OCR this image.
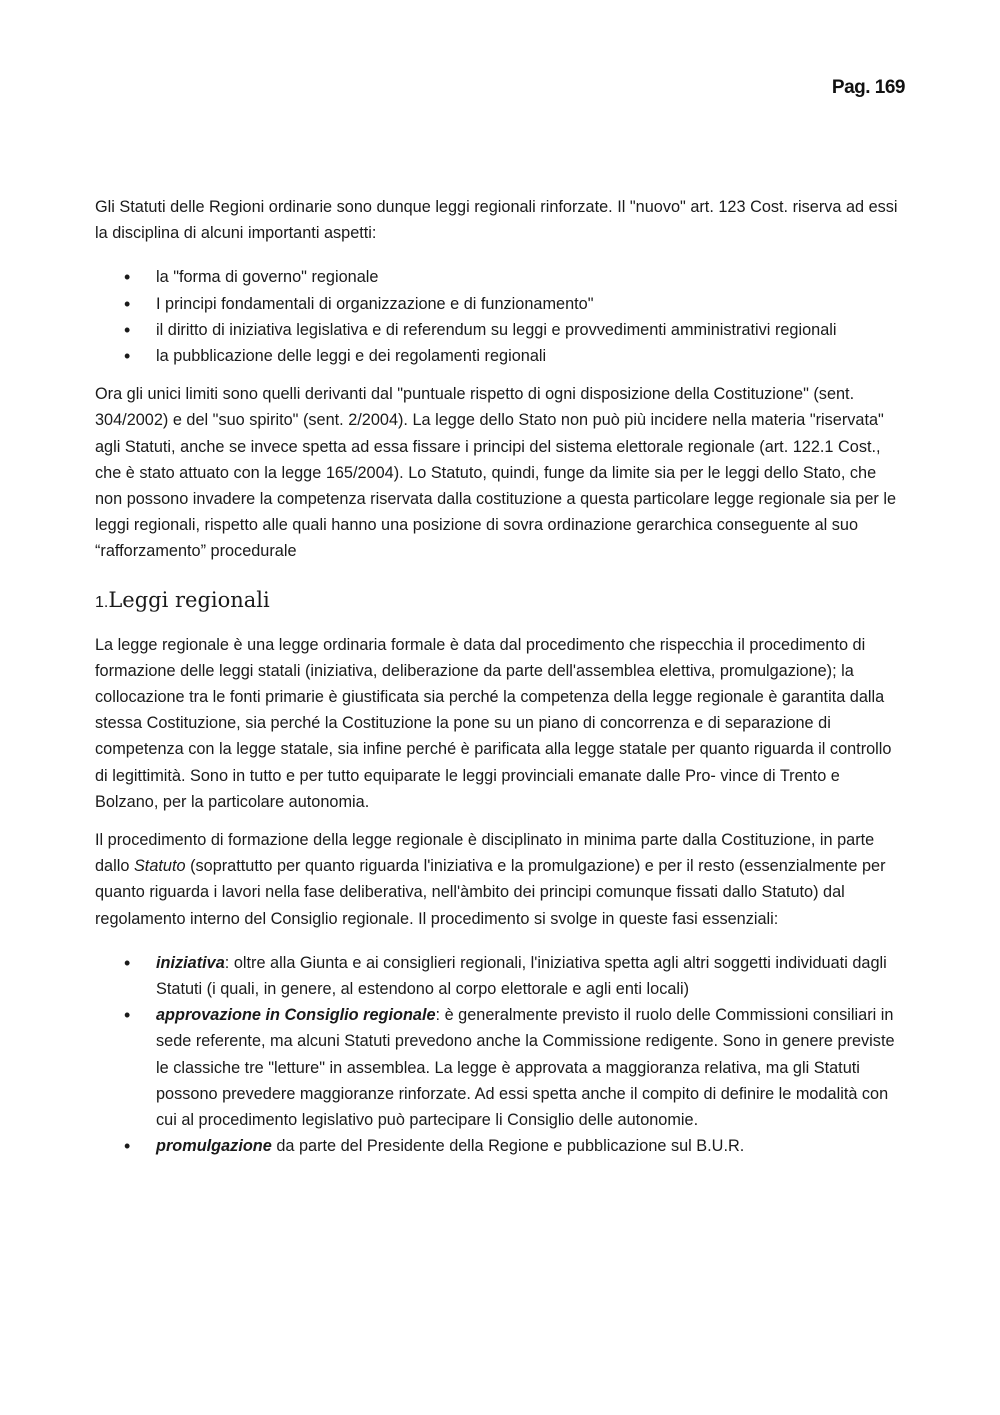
Pag. 169

Gli Statuti delle Regioni ordinarie sono dunque leggi regionali rinforzate. Il "nuovo" art. 123 Cost. riserva ad essi la disciplina di alcuni importanti aspetti:

• la "forma di governo" regionale
• I principi fondamentali di organizzazione e di funzionamento"
• il diritto di iniziativa legislativa e di referendum su leggi e provvedimenti amministrativi regionali
• la pubblicazione delle leggi e dei regolamenti regionali

Ora gli unici limiti sono quelli derivanti dal "puntuale rispetto di ogni disposizione della Costituzione" (sent. 304/2002) e del "suo spirito" (sent. 2/2004). La legge dello Stato non può più incidere nella materia "riservata" agli Statuti, anche se invece spetta ad essa fissare i principi del sistema elettorale regionale (art. 122.1 Cost., che è stato attuato con la legge 165/2004). Lo Statuto, quindi, funge da limite sia per le leggi dello Stato, che non possono invadere la competenza riservata dalla costituzione a questa particolare legge regionale sia per le leggi regionali, rispetto alle quali hanno una posizione di sovra ordinazione gerarchica conseguente al suo “rafforzamento” procedurale

1.Leggi regionali

La legge regionale è una legge ordinaria formale è data dal procedimento che rispecchia il procedimento di formazione delle leggi statali (iniziativa, deliberazione da parte dell'assemblea elettiva, promulgazione); la collocazione tra le fonti primarie è giustificata sia perché la competenza della legge regionale è garantita dalla stessa Costituzione, sia perché la Costituzione la pone su un piano di concorrenza e di separazione di competenza con la legge statale, sia infine perché è parificata alla legge statale per quanto riguarda il controllo di legittimità. Sono in tutto e per tutto equiparate le leggi provinciali emanate dalle Pro- vince di Trento e Bolzano, per la particolare autonomia.

Il procedimento di formazione della legge regionale è disciplinato in minima parte dalla Costituzione, in parte dallo Statuto (soprattutto per quanto riguarda l'iniziativa e la promulgazione) e per il resto (essenzialmente per quanto riguarda i lavori nella fase deliberativa, nell'àmbito dei principi comunque fissati dallo Statuto) dal regolamento interno del Consiglio regionale. Il procedimento si svolge in queste fasi essenziali:

• iniziativa: oltre alla Giunta e ai consiglieri regionali, l'iniziativa spetta agli altri soggetti individuati dagli Statuti (i quali, in genere, al estendono al corpo elettorale e agli enti locali)
• approvazione in Consiglio regionale: è generalmente previsto il ruolo delle Commissioni consiliari in sede referente, ma alcuni Statuti prevedono anche la Commissione redigente. Sono in genere previste le classiche tre "letture" in assemblea. La legge è approvata a maggioranza relativa, ma gli Statuti possono prevedere maggioranze rinforzate. Ad essi spetta anche il compito di definire le modalità con cui al procedimento legislativo può partecipare li Consiglio delle autonomie.
• promulgazione da parte del Presidente della Regione e pubblicazione sul B.U.R.
